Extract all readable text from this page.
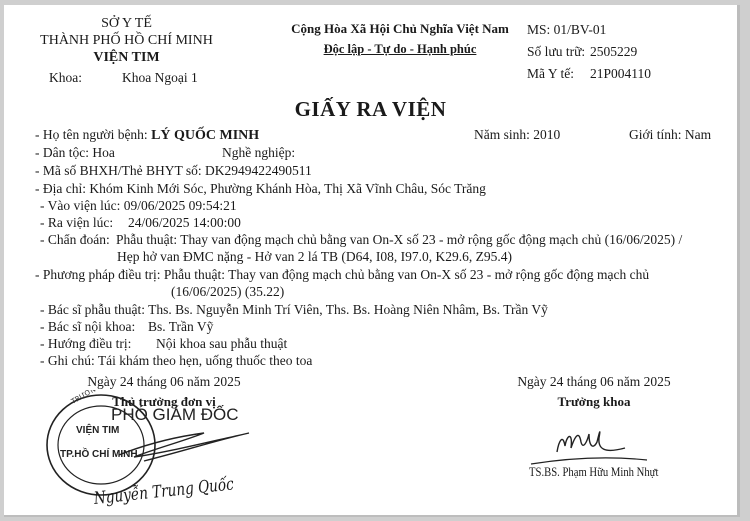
SỞ Y TẾ
THÀNH PHỐ HỒ CHÍ MINH
VIỆN TIM
Khoa:	Khoa Ngoại 1
Cộng Hòa Xã Hội Chủ Nghĩa Việt Nam
Độc lập - Tự do - Hạnh phúc
MS: 01/BV-01
Số lưu trữ: 2505229
Mã Y tế: 21P004110
GIẤY RA VIỆN
- Họ tên người bệnh: LÝ QUỐC MINH	Năm sinh: 2010	Giới tính: Nam
- Dân tộc: Hoa	Nghề nghiệp:
- Mã số BHXH/Thẻ BHYT số: DK2949422490511
- Địa chỉ: Khóm Kinh Mới Sóc, Phường Khánh Hòa, Thị Xã Vĩnh Châu, Sóc Trăng
- Vào viện lúc: 09/06/2025 09:54:21
- Ra viện lúc: 24/06/2025 14:00:00
- Chẩn đoán: Phẫu thuật: Thay van động mạch chủ bằng van On-X số 23 - mở rộng gốc động mạch chủ (16/06/2025) /
Hẹp hở van ĐMC nặng - Hở van 2 lá TB (D64, I08, I97.0, K29.6, Z95.4)
- Phương pháp điều trị: Phẫu thuật: Thay van động mạch chủ bằng van On-X số 23 - mở rộng gốc động mạch chủ
(16/06/2025) (35.22)
- Bác sĩ phẫu thuật: Ths. Bs. Nguyễn Minh Trí Viên, Ths. Bs. Hoàng Niên Nhâm, Bs. Trần Vỹ
- Bác sĩ nội khoa: Bs. Trần Vỹ
- Hướng điều trị: Nội khoa sau phẫu thuật
- Ghi chú: Tái khám theo hẹn, uống thuốc theo toa
Ngày 24 tháng 06 năm 2025
Thủ trưởng đơn vị
TRƯỜNG
VIỆN TIM
TP.HỒ CHÍ MINH
PHÓ GIÁM ĐỐC
Nguyễn Trung Quốc
Ngày 24 tháng 06 năm 2025
Trưởng khoa
TS.BS. Phạm Hữu Minh Nhựt
